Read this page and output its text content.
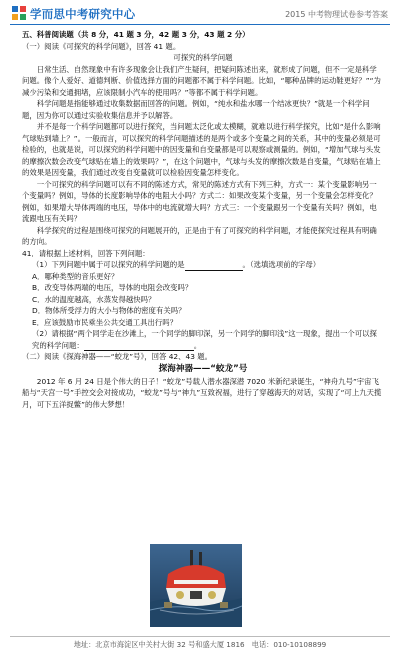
学而思中考研究中心	2015 中考物理试卷参考答案

五、科普阅读题（共 8 分，41 题 3 分，42 题 3 分，43 题 2 分）

（一）阅读《可探究的科学问题》，回答 41 题。

可探究的科学问题

日常生活、自然现象中有许多现象会让我们产生疑问，把疑问陈述出来，就形成了问题，但不一定是科学问题。像个人爱好、道德判断、价值选择方面的问题都不属于科学问题。比如，“哪种品牌的运动鞋更好？”“为减少污染和交通拥堵，应该限制小汽车的使用吗？”等都不属于科学问题。

科学问题是指能够通过收集数据而回答的问题。例如，“纯水和盐水哪一个结冰更快？”就是一个科学问题，因为你可以通过实验收集信息并予以解答。

并不是每一个科学问题都可以进行探究，当问题太泛化或太模糊，就难以进行科学探究，比如“是什么影响气球贴到墙上？”。一般而言，可以探究的科学问题描述的是两个或多个变量之间的关系，其中的变量必须是可检验的，也就是说，可以探究的科学问题中的因变量和自变量都是可以观察或测量的。例如，“增加气球与头发的摩擦次数会改变气球贴在墙上的效果吗？”，在这个问题中，气球与头发的摩擦次数是自变量，气球贴在墙上的效果是因变量，我们通过改变自变量就可以检验因变量怎样变化。

一个可探究的科学问题可以有不同的陈述方式，常见的陈述方式有下列三种，方式一：某个变量影响另一个变量吗？例如，导体的长度影响导体的电阻大小吗？方式二：如果改变某个变量，另一个变量会怎样变化？例如，如果增大导体两端的电压，导体中的电流就增大吗？方式三：一个变量跟另一个变量有关吗？例如，电流跟电压有关吗？

科学探究的过程是围绕可探究的问题展开的，正是由于有了可探究的科学问题，才能使探究过程具有明确的方向。

41．请根据上述材料，回答下列问题：

（1）下列问题中属于可以探究的科学问题的是	。（选填选项前的字母）

A．哪种类型的音乐更好？

B．改变导体两端的电压，导体的电阻会改变吗？

C．水的温度越高，水蒸发得越快吗？

D．物体所受浮力的大小与物体的密度有关吗？

E．应该鼓励市民乘坐公共交通工具出行吗？

（2）请根据“两个同学走在沙滩上，一个同学的脚印深，另一个同学的脚印浅”这一现象，提出一个可以探究的科学问题：	。

（二）阅读《探海神器——“蛟龙”号》，回答 42、43 题。

探海神器——“蛟龙”号

2012 年 6 月 24 日是个伟大的日子！“蛟龙”号载人潜水器深潜 7020 米新纪录诞生，“神舟九号”宇宙飞船与“天宫一号”手控交会对接成功，“蛟龙”号与“神九”互致祝福，进行了穿越海天的对话，实现了“可上九天揽月，可下五洋捉鳖”的伟大梦想！

地址：北京市海淀区中关村大街 32 号和盛大厦 1816　电话：010-10108899
